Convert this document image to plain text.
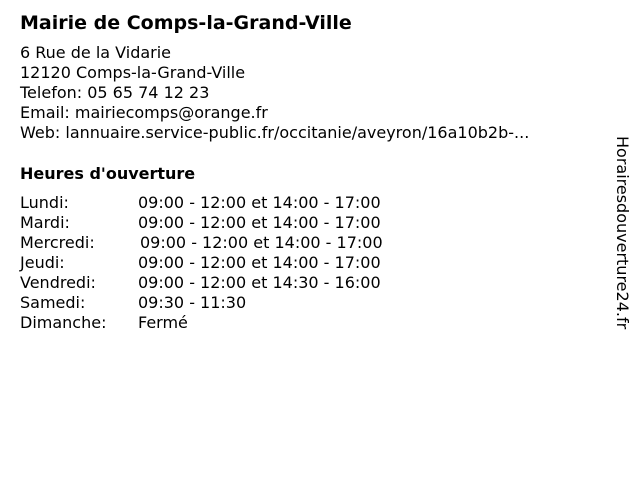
Mairie de Comps-la-Grand-Ville
6 Rue de la Vidarie
12120 Comps-la-Grand-Ville
Telefon: 05 65 74 12 23
Email: mairiecomps@orange.fr
Web: lannuaire.service-public.fr/occitanie/aveyron/16a10b2b-...
Heures d'ouverture
Lundi:	09:00 - 12:00 et 14:00 - 17:00
Mardi:	09:00 - 12:00 et 14:00 - 17:00
Mercredi:	09:00 - 12:00 et 14:00 - 17:00
Jeudi:	09:00 - 12:00 et 14:00 - 17:00
Vendredi:	09:00 - 12:00 et 14:30 - 16:00
Samedi:	09:30 - 11:30
Dimanche:	Fermé	Horairesdouverture24.fr
